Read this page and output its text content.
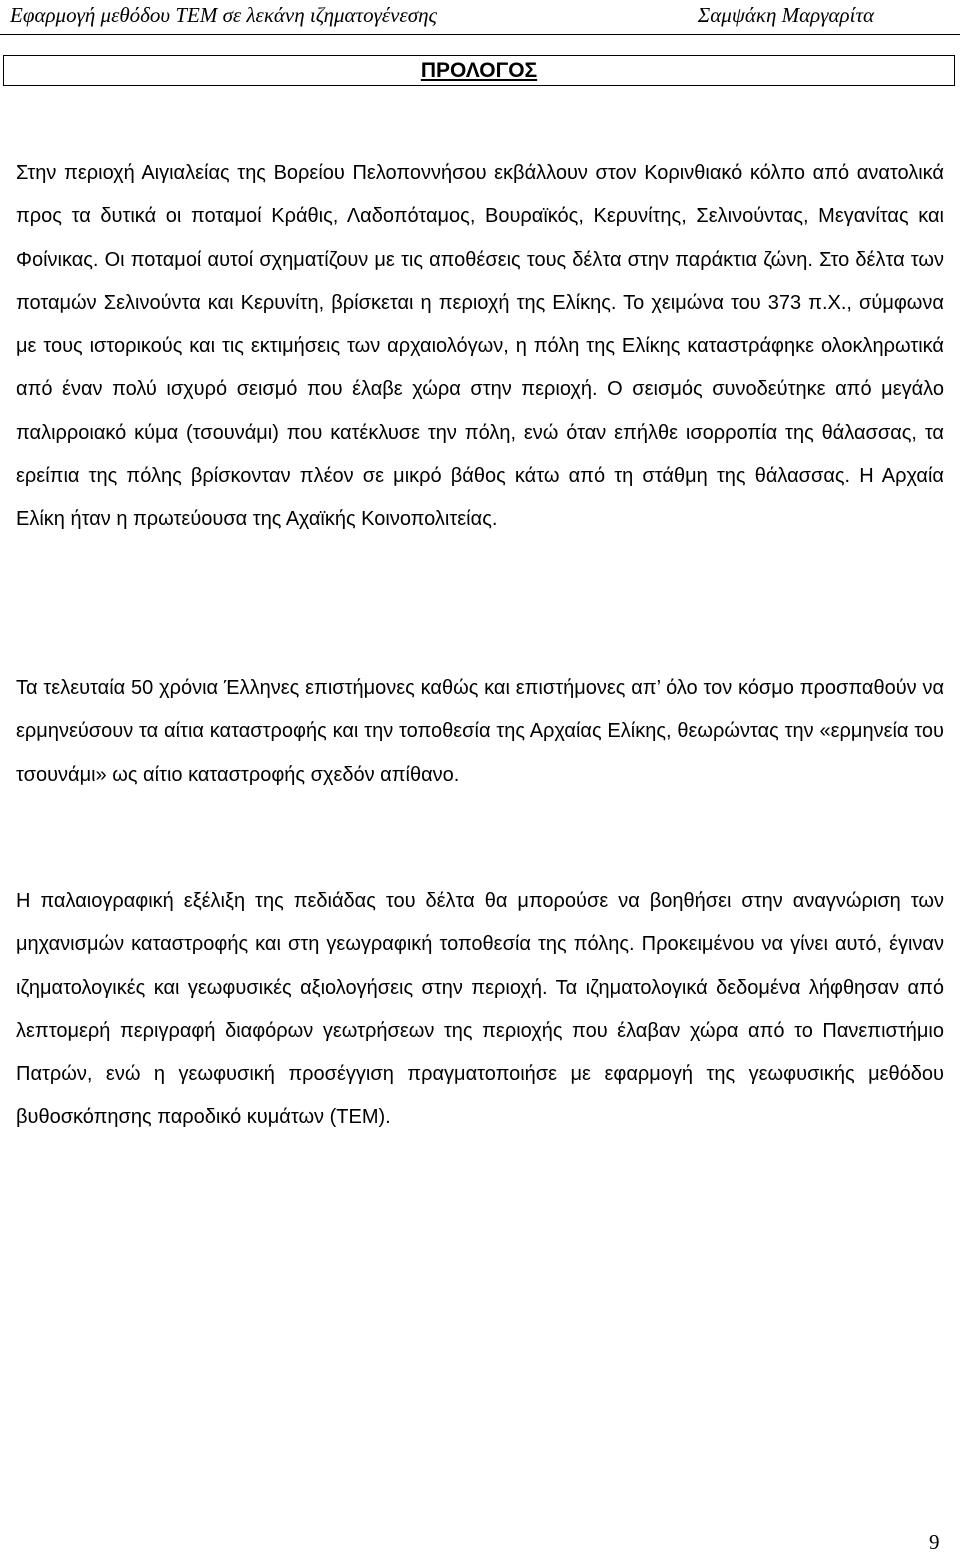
Εφαρμογή μεθόδου TEM σε λεκάνη ιζηματογένεσης	Σαμψάκη Μαργαρίτα
ΠΡΟΛΟΓΟΣ

Στην περιοχή Αιγιαλείας της Βορείου Πελοποννήσου εκβάλλουν στον Κορινθιακό κόλπο από ανατολικά προς τα δυτικά οι ποταμοί Κράθις, Λαδοπόταμος, Βουραϊκός, Κερυνίτης, Σελινούντας, Μεγανίτας και Φοίνικας. Οι ποταμοί αυτοί σχηματίζουν με τις αποθέσεις τους δέλτα στην παράκτια ζώνη. Στο δέλτα των ποταμών Σελινούντα και Κερυνίτη, βρίσκεται η περιοχή της Ελίκης. Το χειμώνα του 373 π.Χ., σύμφωνα με τους ιστορικούς και τις εκτιμήσεις των αρχαιολόγων, η πόλη της Ελίκης καταστράφηκε ολοκληρωτικά από έναν πολύ ισχυρό σεισμό που έλαβε χώρα στην περιοχή. Ο σεισμός συνοδεύτηκε από μεγάλο παλιρροιακό κύμα (τσουνάμι) που κατέκλυσε την πόλη, ενώ όταν επήλθε ισορροπία της θάλασσας, τα ερείπια της πόλης βρίσκονταν πλέον σε μικρό βάθος κάτω από τη στάθμη της θάλασσας. Η Αρχαία Ελίκη ήταν η πρωτεύουσα της Αχαϊκής Κοινοπολιτείας.

Τα τελευταία 50 χρόνια Έλληνες επιστήμονες καθώς και επιστήμονες απ’ όλο τον κόσμο προσπαθούν να ερμηνεύσουν τα αίτια καταστροφής και την τοποθεσία της Αρχαίας Ελίκης, θεωρώντας την «ερμηνεία του τσουνάμι» ως αίτιο καταστροφής σχεδόν απίθανο.

Η παλαιογραφική εξέλιξη της πεδιάδας του δέλτα θα μπορούσε να βοηθήσει στην αναγνώριση των μηχανισμών καταστροφής και στη γεωγραφική τοποθεσία της πόλης. Προκειμένου να γίνει αυτό, έγιναν ιζηματολογικές και γεωφυσικές αξιολογήσεις στην περιοχή. Τα ιζηματολογικά δεδομένα λήφθησαν από λεπτομερή περιγραφή διαφόρων γεωτρήσεων της περιοχής που έλαβαν χώρα από το Πανεπιστήμιο Πατρών, ενώ η γεωφυσική προσέγγιση πραγματοποιήσε με εφαρμογή της γεωφυσικής μεθόδου βυθοσκόπησης παροδικό κυμάτων (TEM).

9
